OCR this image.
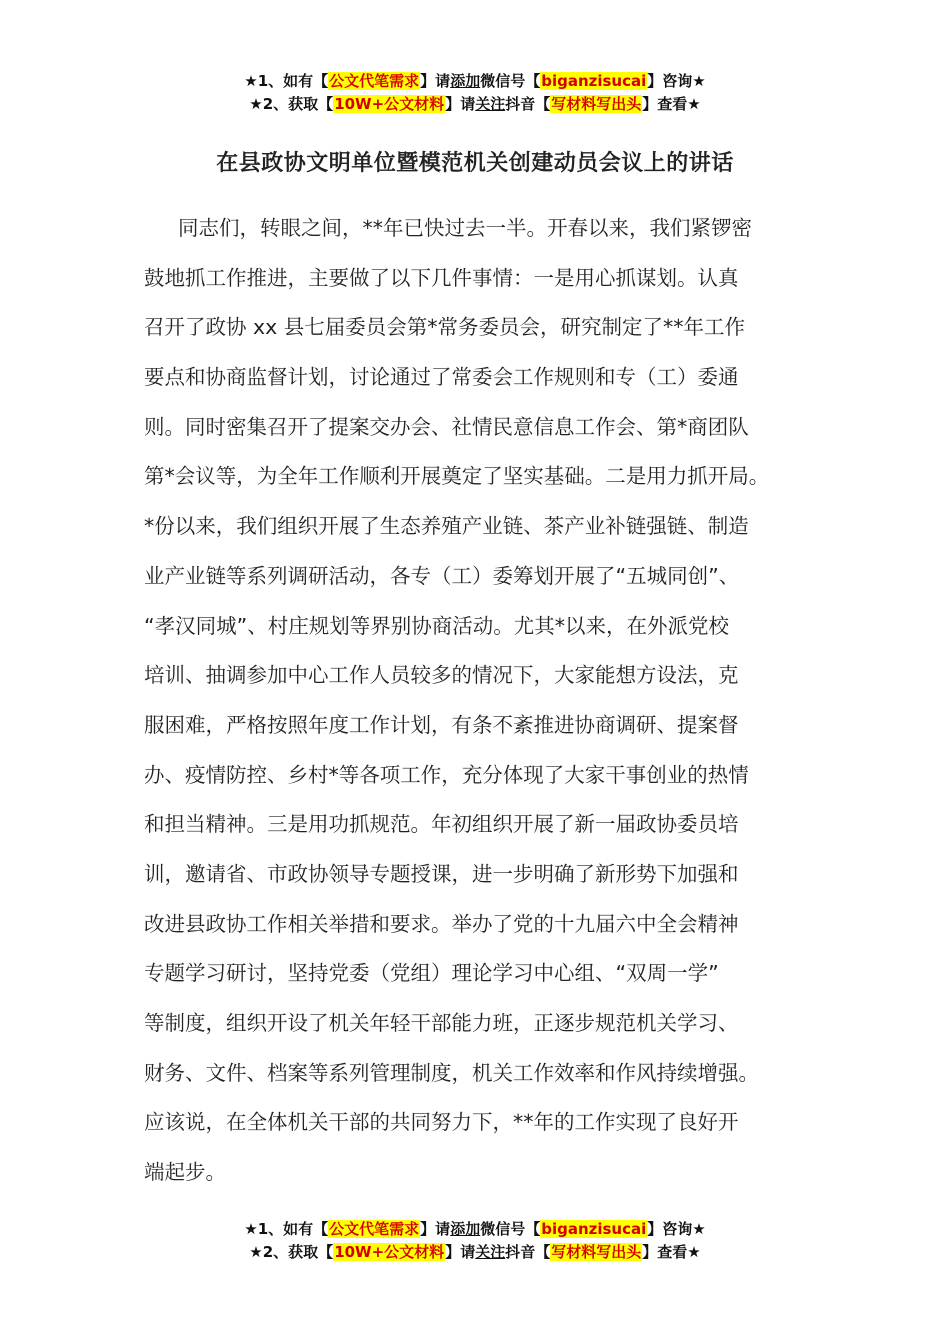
★1、如有【公文代笔需求】请添加微信号【biganzisucai】咨询★
★2、获取【10W+公文材料】请关注抖音【写材料写出头】查看★
在县政协文明单位暨模范机关创建动员会议上的讲话
同志们，转眼之间，**年已快过去一半。开春以来，我们紧锣密
鼓地抓工作推进，主要做了以下几件事情：一是用心抓谋划。认真
召开了政协 xx 县七届委员会第*常务委员会，研究制定了**年工作
要点和协商监督计划，讨论通过了常委会工作规则和专（工）委通
则。同时密集召开了提案交办会、社情民意信息工作会、第*商团队
第*会议等，为全年工作顺利开展奠定了坚实基础。二是用力抓开局。
*份以来，我们组织开展了生态养殖产业链、茶产业补链强链、制造
业产业链等系列调研活动，各专（工）委筹划开展了“五城同创”、
“孝汉同城”、村庄规划等界别协商活动。尤其*以来，在外派党校
培训、抽调参加中心工作人员较多的情况下，大家能想方设法，克
服困难，严格按照年度工作计划，有条不紊推进协商调研、提案督
办、疫情防控、乡村*等各项工作，充分体现了大家干事创业的热情
和担当精神。三是用功抓规范。年初组织开展了新一届政协委员培
训，邀请省、市政协领导专题授课，进一步明确了新形势下加强和
改进县政协工作相关举措和要求。举办了党的十九届六中全会精神
专题学习研讨，坚持党委（党组）理论学习中心组、“双周一学”
等制度，组织开设了机关年轻干部能力班，正逐步规范机关学习、
财务、文件、档案等系列管理制度，机关工作效率和作风持续增强。
应该说，在全体机关干部的共同努力下，**年的工作实现了良好开
端起步。
★1、如有【公文代笔需求】请添加微信号【biganzisucai】咨询★
★2、获取【10W+公文材料】请关注抖音【写材料写出头】查看★
